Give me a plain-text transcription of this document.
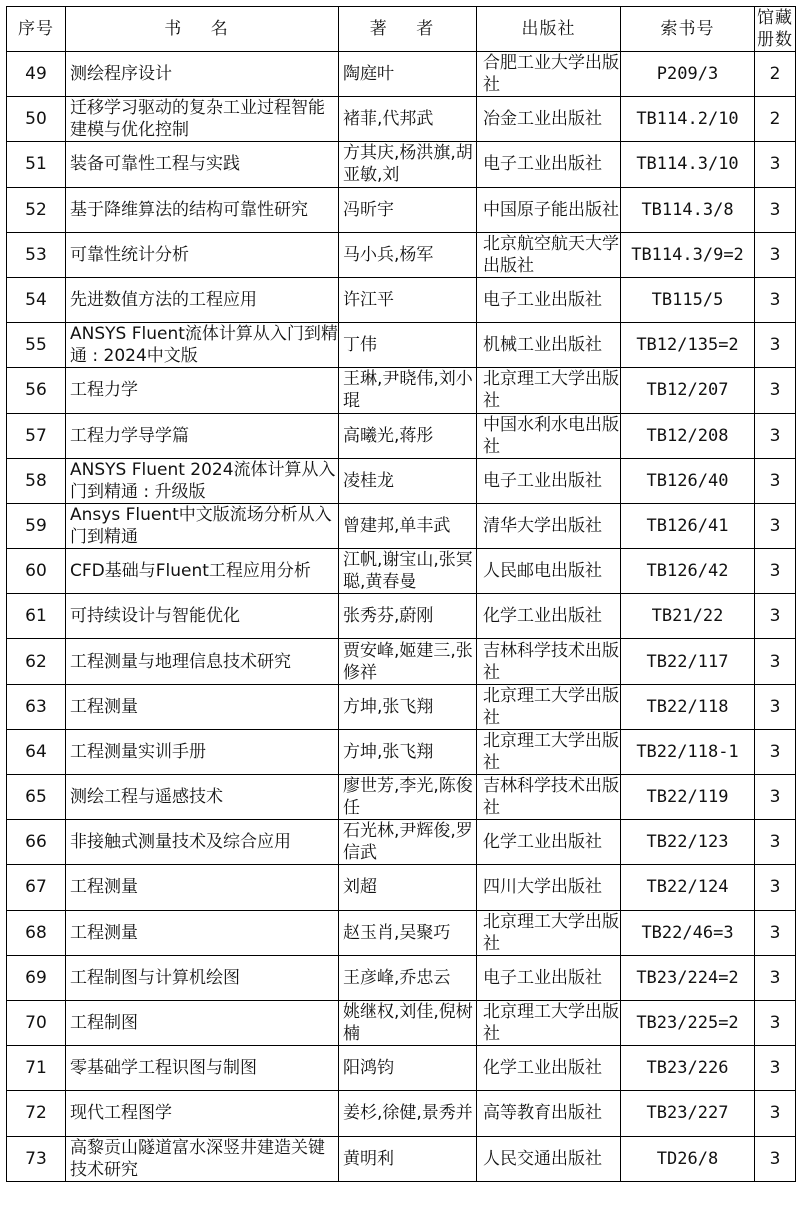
序号	书 名	著 者	出版社	索书号	馆藏册数

49	测绘程序设计	陶庭叶	合肥工业大学出版社	P209/3	2

50	迁移学习驱动的复杂工业过程智能建模与优化控制	褚菲,代邦武	冶金工业出版社	TB114.2/10	2

51	装备可靠性工程与实践	方其庆,杨洪旗,胡亚敏,刘	电子工业出版社	TB114.3/10	3

52	基于降维算法的结构可靠性研究	冯昕宇	中国原子能出版社	TB114.3/8	3

53	可靠性统计分析	马小兵,杨军	北京航空航天大学出版社	TB114.3/9=2	3

54	先进数值方法的工程应用	许江平	电子工业出版社	TB115/5	3

55	ANSYS Fluent流体计算从入门到精通 : 2024中文版	丁伟	机械工业出版社	TB12/135=2	3

56	工程力学	王琳,尹晓伟,刘小琨	北京理工大学出版社	TB12/207	3

57	工程力学导学篇	高曦光,蒋彤	中国水利水电出版社	TB12/208	3

58	ANSYS Fluent 2024流体计算从入门到精通 : 升级版	凌桂龙	电子工业出版社	TB126/40	3

59	Ansys Fluent中文版流场分析从入门到精通	曾建邦,单丰武	清华大学出版社	TB126/41	3

60	CFD基础与Fluent工程应用分析	江帆,谢宝山,张冥聪,黄春曼	人民邮电出版社	TB126/42	3

61	可持续设计与智能优化	张秀芬,蔚刚	化学工业出版社	TB21/22	3

62	工程测量与地理信息技术研究	贾安峰,姬建三,张修祥	吉林科学技术出版社	TB22/117	3

63	工程测量	方坤,张飞翔	北京理工大学出版社	TB22/118	3

64	工程测量实训手册	方坤,张飞翔	北京理工大学出版社	TB22/118-1	3

65	测绘工程与遥感技术	廖世芳,李光,陈俊任	吉林科学技术出版社	TB22/119	3

66	非接触式测量技术及综合应用	石光林,尹辉俊,罗信武	化学工业出版社	TB22/123	3

67	工程测量	刘超	四川大学出版社	TB22/124	3

68	工程测量	赵玉肖,吴聚巧	北京理工大学出版社	TB22/46=3	3

69	工程制图与计算机绘图	王彦峰,乔忠云	电子工业出版社	TB23/224=2	3

70	工程制图	姚继权,刘佳,倪树楠	北京理工大学出版社	TB23/225=2	3

71	零基础学工程识图与制图	阳鸿钧	化学工业出版社	TB23/226	3

72	现代工程图学	姜杉,徐健,景秀并	高等教育出版社	TB23/227	3

73	高黎贡山隧道富水深竖井建造关键技术研究	黄明利	人民交通出版社	TD26/8	3
